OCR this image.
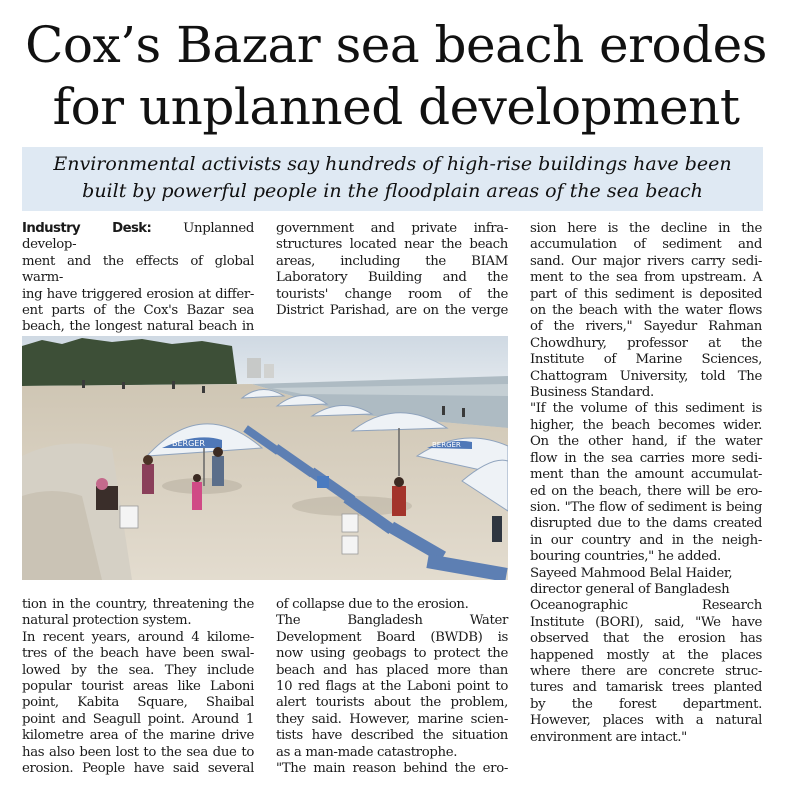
Cox’s Bazar sea beach erodes
for unplanned development
Environmental activists say hundreds of high-rise buildings have been
built by powerful people in the floodplain areas of the sea beach

Industry Desk: Unplanned develop-

ment and the effects of global warm-

ing have triggered erosion at differ-

ent parts of the Cox's Bazar sea

beach, the longest natural beach in

government and private infra-

structures located near the beach

areas, including the BIAM

Laboratory Building and the

tourists' change room of the

District Parishad, are on the verge

BERGER	BERGER

tion in the country, threatening the

natural protection system.

In recent years, around 4 kilome-

tres of the beach have been swal-

lowed by the sea. They include

popular tourist areas like Laboni

point, Kabita Square, Shaibal

point and Seagull point. Around 1

kilometre area of the marine drive

has also been lost to the sea due to

erosion. People have said several

of collapse due to the erosion.

The Bangladesh Water

Development Board (BWDB) is

now using geobags to protect the

beach and has placed more than

10 red flags at the Laboni point to

alert tourists about the problem,

they said. However, marine scien-

tists have described the situation

as a man-made catastrophe.

"The main reason behind the ero-

sion here is the decline in the

accumulation of sediment and

sand. Our major rivers carry sedi-

ment to the sea from upstream. A

part of this sediment is deposited

on the beach with the water flows

of the rivers," Sayedur Rahman

Chowdhury, professor at the

Institute of Marine Sciences,

Chattogram University, told The

Business Standard.

"If the volume of this sediment is

higher, the beach becomes wider.

On the other hand, if the water

flow in the sea carries more sedi-

ment than the amount accumulat-

ed on the beach, there will be ero-

sion. "The flow of sediment is being

disrupted due to the dams created

in our country and in the neigh-

bouring countries," he added.

Sayeed Mahmood Belal Haider,

director general of Bangladesh

Oceanographic Research

Institute (BORI), said, "We have

observed that the erosion has

happened mostly at the places

where there are concrete struc-

tures and tamarisk trees planted

by the forest department.

However, places with a natural

environment are intact."
